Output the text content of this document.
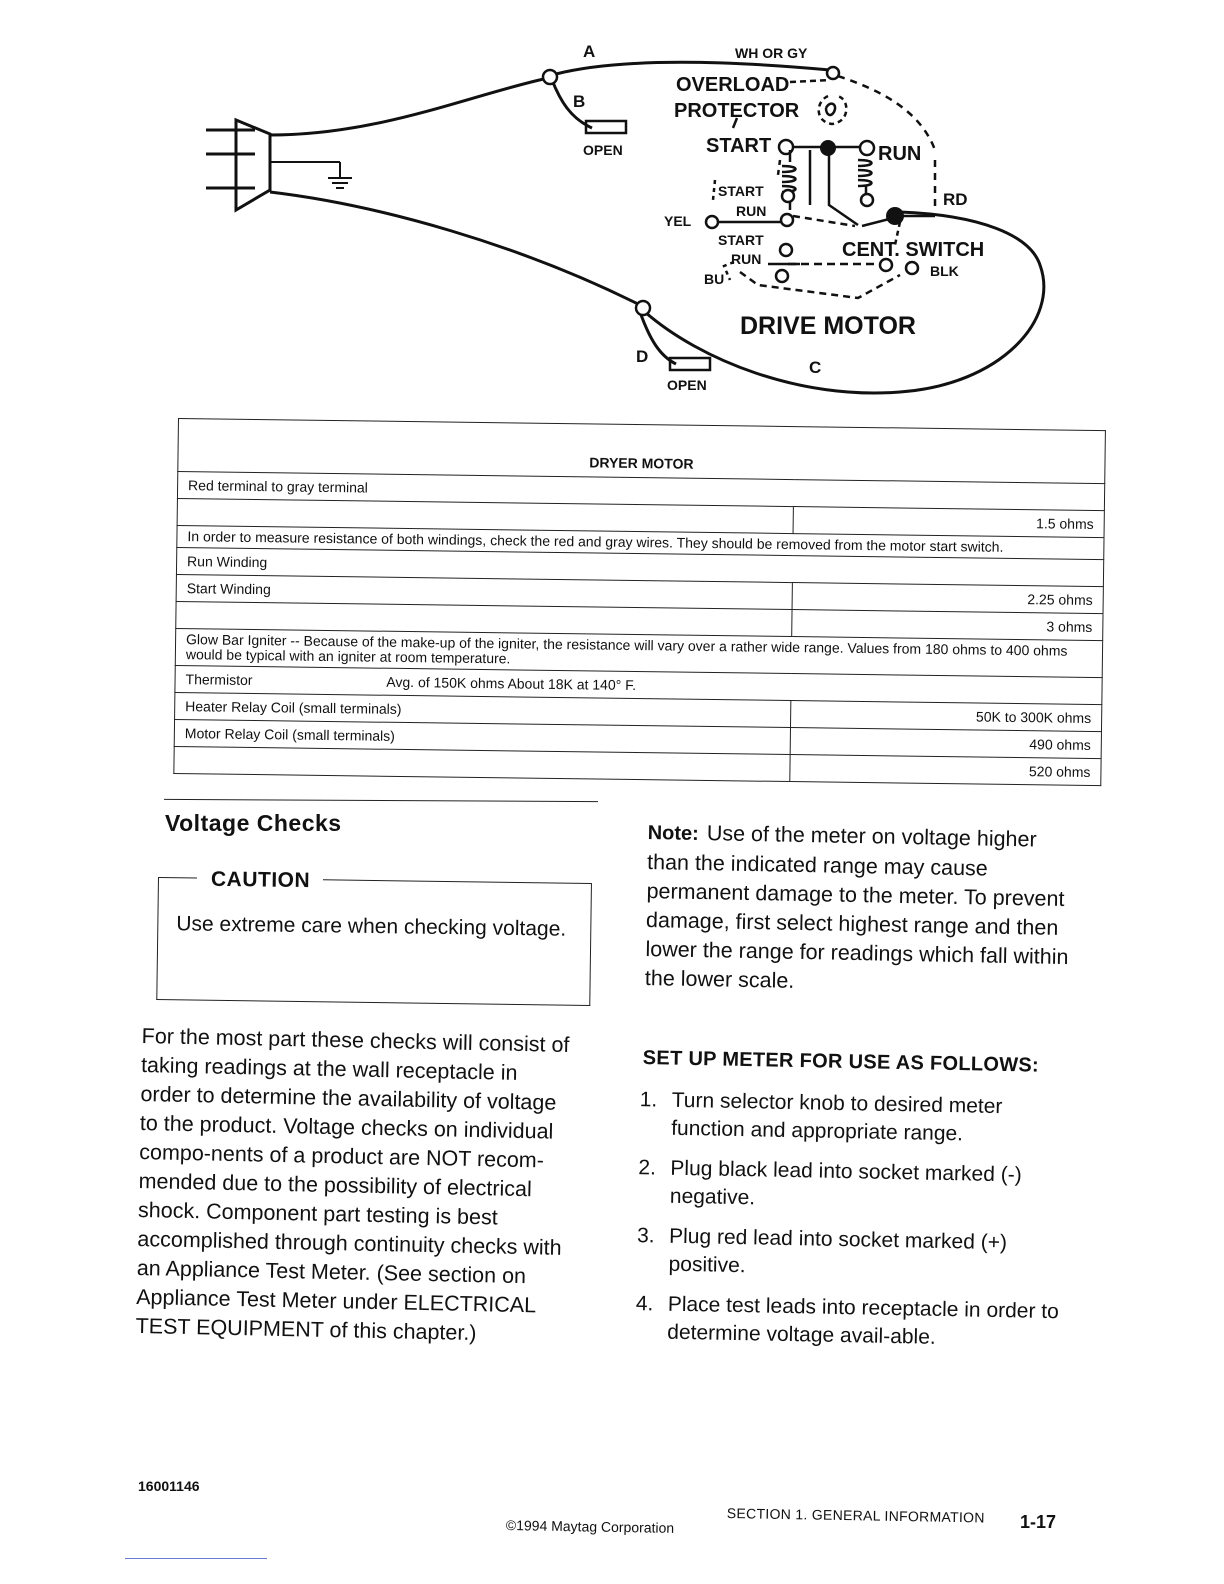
A
B
OPEN
WH OR GY
OVERLOAD
PROTECTOR
START	RUN
START
RUN
YEL
START
RUN
BU
RD
CENT. SWITCH
BLK
DRIVE MOTOR
D
C
OPEN
DRYER MOTOR	
Red terminal to gray terminal	
	1.5 ohms
In order to measure resistance of both windings, check the red and gray wires. They should be removed from the motor start switch.	
Run Winding	
Start Winding	2.25 ohms
	3 ohms
Glow Bar Igniter -- Because of the make-up of the igniter, the resistance will vary over a rather wide range. Values from 180 ohms to 400 ohms would be typical with an igniter at room temperature.	
Thermistor Avg. of 150K ohms About 18K at 140° F.	
Heater Relay Coil (small terminals)	50K to 300K ohms
Motor Relay Coil (small terminals)	490 ohms
	520 ohms
Voltage Checks
CAUTION
Use extreme care when checking voltage.
For the most part these checks will consist of taking readings at the wall receptacle in order to determine the availability of voltage to the product. Voltage checks on individual compo-nents of a product are NOT recom-mended due to the possibility of electrical shock. Component part testing is best accomplished through continuity checks with an Appliance Test Meter. (See section on Appliance Test Meter under ELECTRICAL TEST EQUIPMENT of this chapter.)
Note: Use of the meter on voltage higher than the indicated range may cause permanent damage to the meter. To prevent damage, first select highest range and then lower the range for readings which fall within the lower scale.
SET UP METER FOR USE AS FOLLOWS:
1. Turn selector knob to desired meter function and appropriate range.
2. Plug black lead into socket marked (-) negative.
3. Plug red lead into socket marked (+) positive.
4. Place test leads into receptacle in order to determine voltage avail-able.
16001146
©1994 Maytag Corporation
SECTION 1. GENERAL INFORMATION 1-17
